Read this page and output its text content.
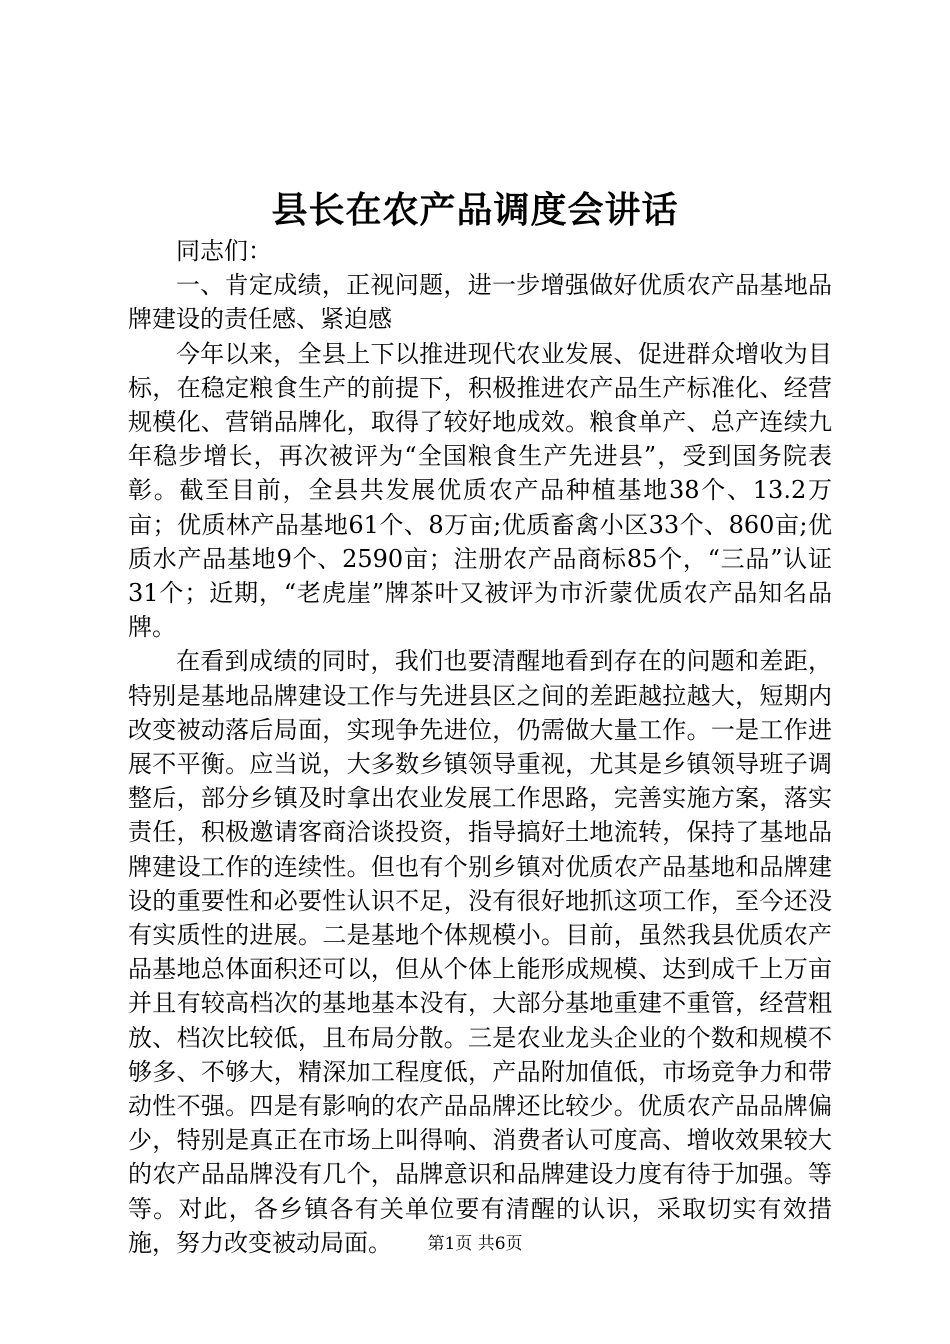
县长在农产品调度会讲话

同志们：

一、肯定成绩，正视问题，进一步增强做好优质农产品基地品牌建设的责任感、紧迫感

今年以来，全县上下以推进现代农业发展、促进群众增收为目标，在稳定粮食生产的前提下，积极推进农产品生产标准化、经营规模化、营销品牌化，取得了较好地成效。粮食单产、总产连续九年稳步增长，再次被评为“全国粮食生产先进县”，受到国务院表彰。截至目前，全县共发展优质农产品种植基地38个、13.2万亩；优质林产品基地61个、8万亩;优质畜禽小区33个、860亩;优质水产品基地9个、2590亩；注册农产品商标85个，“三品”认证31个；近期，“老虎崖”牌茶叶又被评为市沂蒙优质农产品知名品牌。

在看到成绩的同时，我们也要清醒地看到存在的问题和差距，特别是基地品牌建设工作与先进县区之间的差距越拉越大，短期内改变被动落后局面，实现争先进位，仍需做大量工作。一是工作进展不平衡。应当说，大多数乡镇领导重视，尤其是乡镇领导班子调整后，部分乡镇及时拿出农业发展工作思路，完善实施方案，落实责任，积极邀请客商洽谈投资，指导搞好土地流转，保持了基地品牌建设工作的连续性。但也有个别乡镇对优质农产品基地和品牌建设的重要性和必要性认识不足，没有很好地抓这项工作，至今还没有实质性的进展。二是基地个体规模小。目前，虽然我县优质农产品基地总体面积还可以，但从个体上能形成规模、达到成千上万亩并且有较高档次的基地基本没有，大部分基地重建不重管，经营粗放、档次比较低，且布局分散。三是农业龙头企业的个数和规模不够多、不够大，精深加工程度低，产品附加值低，市场竞争力和带动性不强。四是有影响的农产品品牌还比较少。优质农产品品牌偏少，特别是真正在市场上叫得响、消费者认可度高、增收效果较大的农产品品牌没有几个，品牌意识和品牌建设力度有待于加强。等等。对此，各乡镇各有关单位要有清醒的认识，采取切实有效措施，努力改变被动局面。	第1页 共6页
